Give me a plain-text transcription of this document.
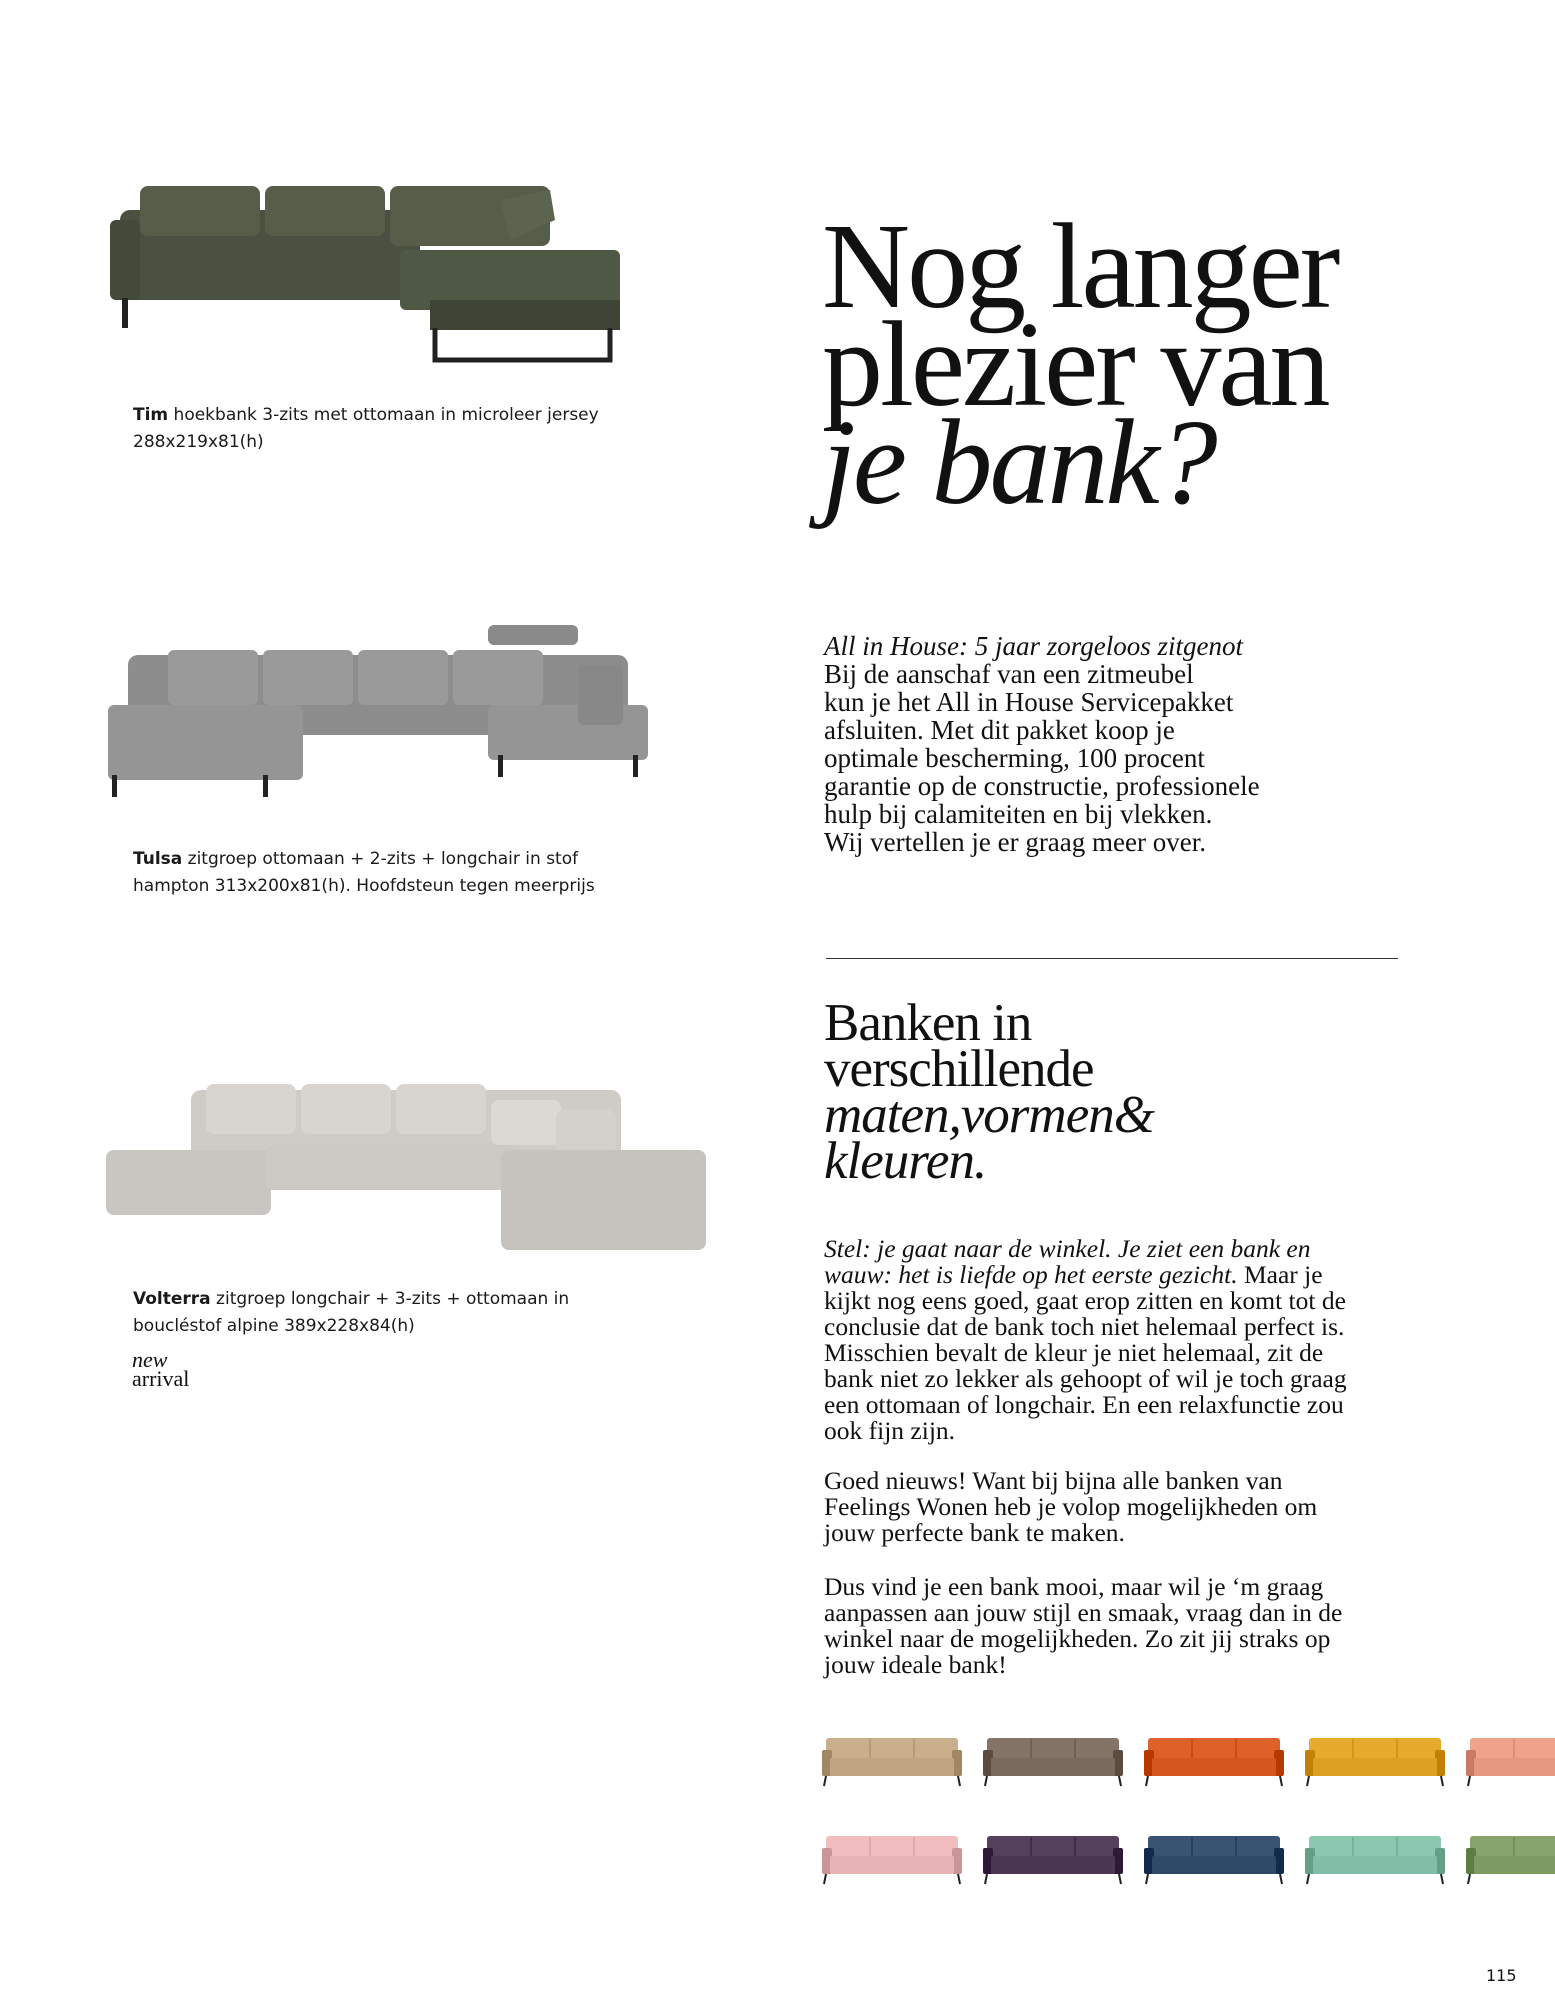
Tim hoekbank 3-zits met ottomaan in microleer jersey
288x219x81(h)
Tulsa zitgroep ottomaan + 2-zits + longchair in stof
hampton 313x200x81(h). Hoofdsteun tegen meerprijs
Volterra zitgroep longchair + 3-zits + ottomaan in
boucléstof alpine 389x228x84(h)
new
arrival
Nog langer
plezier van
je bank?
All in House: 5 jaar zorgeloos zitgenot
Bij de aanschaf van een zitmeubel
kun je het All in House Servicepakket
afsluiten. Met dit pakket koop je
optimale bescherming, 100 procent
garantie op de constructie, professionele
hulp bij calamiteiten en bij vlekken.
Wij vertellen je er graag meer over.
Banken in
verschillende
maten,vormen&
kleuren.
Stel: je gaat naar de winkel. Je ziet een bank en
wauw: het is liefde op het eerste gezicht. Maar je
kijkt nog eens goed, gaat erop zitten en komt tot de
conclusie dat de bank toch niet helemaal perfect is.
Misschien bevalt de kleur je niet helemaal, zit de
bank niet zo lekker als gehoopt of wil je toch graag
een ottomaan of longchair. En een relaxfunctie zou
ook fijn zijn.
Goed nieuws! Want bij bijna alle banken van
Feelings Wonen heb je volop mogelijkheden om
jouw perfecte bank te maken.
Dus vind je een bank mooi, maar wil je ‘m graag
aanpassen aan jouw stijl en smaak, vraag dan in de
winkel naar de mogelijkheden. Zo zit jij straks op
jouw ideale bank!
115
